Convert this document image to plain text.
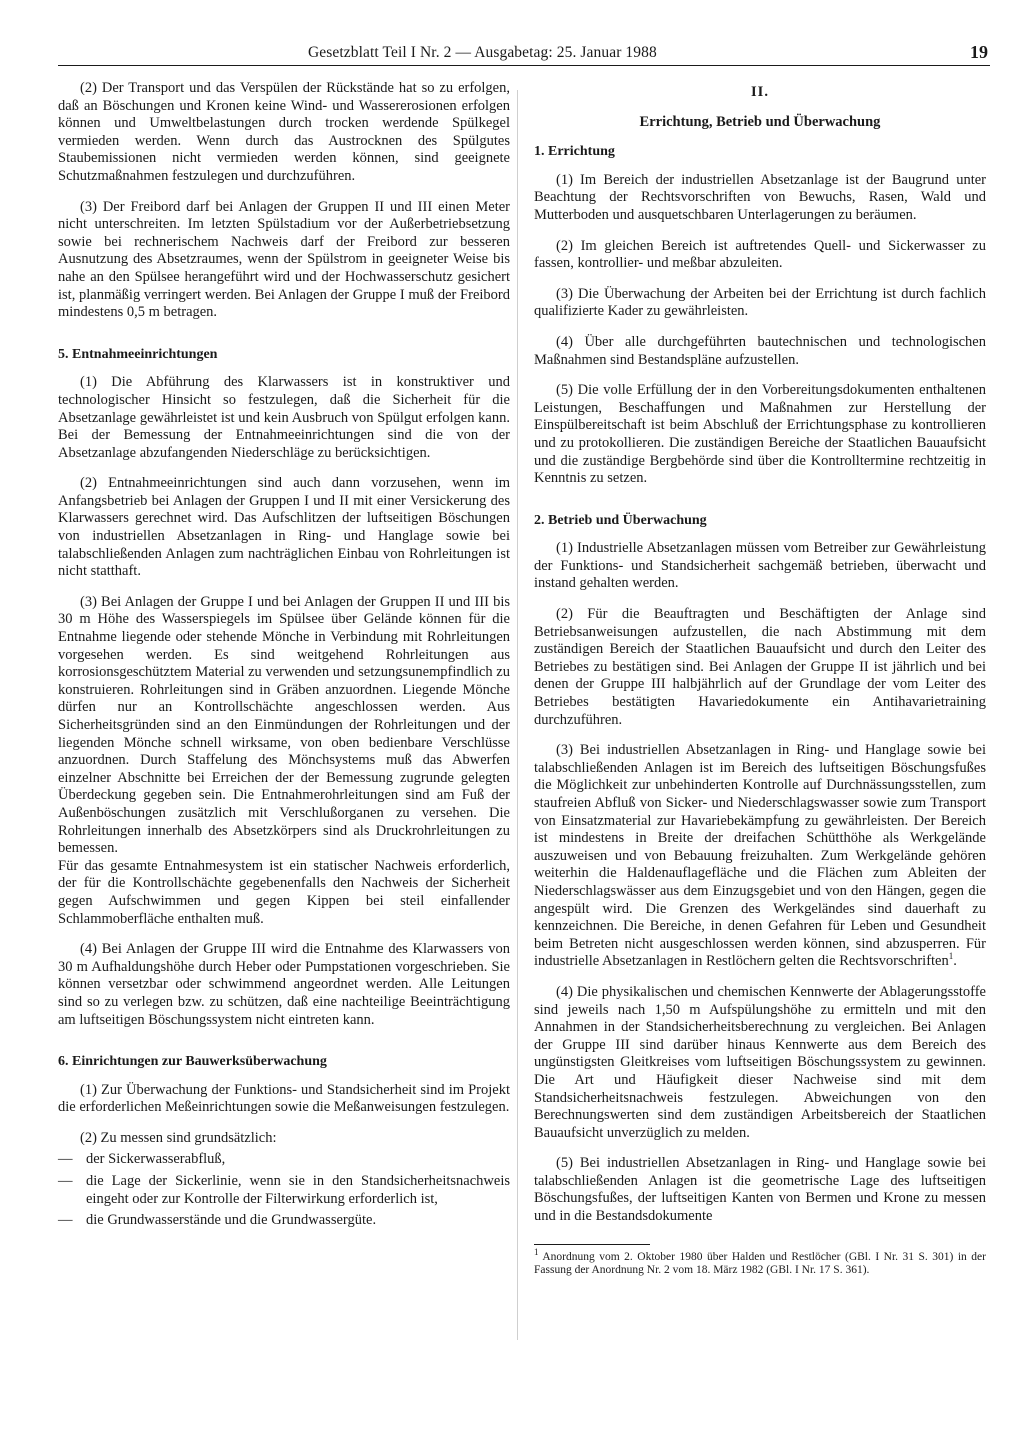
Gesetzblatt Teil I Nr. 2 — Ausgabetag: 25. Januar 1988	19

(2) Der Transport und das Verspülen der Rückstände hat so zu erfolgen, daß an Böschungen und Kronen keine Wind- und Wassererosionen erfolgen können und Umweltbelastungen durch trocken werdende Spülkegel vermieden werden. Wenn durch das Austrocknen des Spülgutes Staubemissionen nicht vermieden werden können, sind geeignete Schutzmaßnahmen festzulegen und durchzuführen.

(3) Der Freibord darf bei Anlagen der Gruppen II und III einen Meter nicht unterschreiten. Im letzten Spülstadium vor der Außerbetriebsetzung sowie bei rechnerischem Nachweis darf der Freibord zur besseren Ausnutzung des Absetzraumes, wenn der Spülstrom in geeigneter Weise bis nahe an den Spülsee herangeführt wird und der Hochwasserschutz gesichert ist, planmäßig verringert werden. Bei Anlagen der Gruppe I muß der Freibord mindestens 0,5 m betragen.

5. Entnahmeeinrichtungen

(1) Die Abführung des Klarwassers ist in konstruktiver und technologischer Hinsicht so festzulegen, daß die Sicherheit für die Absetzanlage gewährleistet ist und kein Ausbruch von Spülgut erfolgen kann. Bei der Bemessung der Entnahmeeinrichtungen sind die von der Absetzanlage abzufangenden Niederschläge zu berücksichtigen.

(2) Entnahmeeinrichtungen sind auch dann vorzusehen, wenn im Anfangsbetrieb bei Anlagen der Gruppen I und II mit einer Versickerung des Klarwassers gerechnet wird. Das Aufschlitzen der luftseitigen Böschungen von industriellen Absetzanlagen in Ring- und Hanglage sowie bei talabschließenden Anlagen zum nachträglichen Einbau von Rohrleitungen ist nicht statthaft.

(3) Bei Anlagen der Gruppe I und bei Anlagen der Gruppen II und III bis 30 m Höhe des Wasserspiegels im Spülsee über Gelände können für die Entnahme liegende oder stehende Mönche in Verbindung mit Rohrleitungen vorgesehen werden. Es sind weitgehend Rohrleitungen aus korrosionsgeschütztem Material zu verwenden und setzungsunempfindlich zu konstruieren. Rohrleitungen sind in Gräben anzuordnen. Liegende Mönche dürfen nur an Kontrollschächte angeschlossen werden. Aus Sicherheitsgründen sind an den Einmündungen der Rohrleitungen und der liegenden Mönche schnell wirksame, von oben bedienbare Verschlüsse anzuordnen. Durch Staffelung des Mönchsystems muß das Abwerfen einzelner Abschnitte bei Erreichen der der Bemessung zugrunde gelegten Überdeckung gegeben sein. Die Entnahmerohrleitungen sind am Fuß der Außenböschungen zusätzlich mit Verschlußorganen zu versehen. Die Rohrleitungen innerhalb des Absetzkörpers sind als Druckrohrleitungen zu bemessen.

Für das gesamte Entnahmesystem ist ein statischer Nachweis erforderlich, der für die Kontrollschächte gegebenenfalls den Nachweis der Sicherheit gegen Aufschwimmen und gegen Kippen bei steil einfallender Schlammoberfläche enthalten muß.

(4) Bei Anlagen der Gruppe III wird die Entnahme des Klarwassers von 30 m Aufhaldungshöhe durch Heber oder Pumpstationen vorgeschrieben. Sie können versetzbar oder schwimmend angeordnet werden. Alle Leitungen sind so zu verlegen bzw. zu schützen, daß eine nachteilige Beeinträchtigung am luftseitigen Böschungssystem nicht eintreten kann.

6. Einrichtungen zur Bauwerksüberwachung

(1) Zur Überwachung der Funktions- und Standsicherheit sind im Projekt die erforderlichen Meßeinrichtungen sowie die Meßanweisungen festzulegen.

(2) Zu messen sind grundsätzlich:

— der Sickerwasserabfluß,
— die Lage der Sickerlinie, wenn sie in den Standsicherheitsnachweis eingeht oder zur Kontrolle der Filterwirkung erforderlich ist,
— die Grundwasserstände und die Grundwassergüte.
II.
Errichtung, Betrieb und Überwachung
1. Errichtung

(1) Im Bereich der industriellen Absetzanlage ist der Baugrund unter Beachtung der Rechtsvorschriften von Bewuchs, Rasen, Wald und Mutterboden und ausquetschbaren Unterlagerungen zu beräumen.

(2) Im gleichen Bereich ist auftretendes Quell- und Sickerwasser zu fassen, kontrollier- und meßbar abzuleiten.

(3) Die Überwachung der Arbeiten bei der Errichtung ist durch fachlich qualifizierte Kader zu gewährleisten.

(4) Über alle durchgeführten bautechnischen und technologischen Maßnahmen sind Bestandspläne aufzustellen.

(5) Die volle Erfüllung der in den Vorbereitungsdokumenten enthaltenen Leistungen, Beschaffungen und Maßnahmen zur Herstellung der Einspülbereitschaft ist beim Abschluß der Errichtungsphase zu kontrollieren und zu protokollieren. Die zuständigen Bereiche der Staatlichen Bauaufsicht und die zuständige Bergbehörde sind über die Kontrolltermine rechtzeitig in Kenntnis zu setzen.

2. Betrieb und Überwachung

(1) Industrielle Absetzanlagen müssen vom Betreiber zur Gewährleistung der Funktions- und Standsicherheit sachgemäß betrieben, überwacht und instand gehalten werden.

(2) Für die Beauftragten und Beschäftigten der Anlage sind Betriebsanweisungen aufzustellen, die nach Abstimmung mit dem zuständigen Bereich der Staatlichen Bauaufsicht und durch den Leiter des Betriebes zu bestätigen sind. Bei Anlagen der Gruppe II ist jährlich und bei denen der Gruppe III halbjährlich auf der Grundlage der vom Leiter des Betriebes bestätigten Havariedokumente ein Antihavarietraining durchzuführen.

(3) Bei industriellen Absetzanlagen in Ring- und Hanglage sowie bei talabschließenden Anlagen ist im Bereich des luftseitigen Böschungsfußes die Möglichkeit zur unbehinderten Kontrolle auf Durchnässungsstellen, zum staufreien Abfluß von Sicker- und Niederschlagswasser sowie zum Transport von Einsatzmaterial zur Havariebekämpfung zu gewährleisten. Der Bereich ist mindestens in Breite der dreifachen Schütthöhe als Werkgelände auszuweisen und von Bebauung freizuhalten. Zum Werkgelände gehören weiterhin die Haldenauflagefläche und die Flächen zum Ableiten der Niederschlagswässer aus dem Einzugsgebiet und von den Hängen, gegen die angespült wird. Die Grenzen des Werkgeländes sind dauerhaft zu kennzeichnen. Die Bereiche, in denen Gefahren für Leben und Gesundheit beim Betreten nicht ausgeschlossen werden können, sind abzusperren. Für industrielle Absetzanlagen in Restlöchern gelten die Rechtsvorschriften$^1$.

(4) Die physikalischen und chemischen Kennwerte der Ablagerungsstoffe sind jeweils nach 1,50 m Aufspülungshöhe zu ermitteln und mit den Annahmen in der Standsicherheitsberechnung zu vergleichen. Bei Anlagen der Gruppe III sind darüber hinaus Kennwerte aus dem Bereich des ungünstigsten Gleitkreises vom luftseitigen Böschungssystem zu gewinnen. Die Art und Häufigkeit dieser Nachweise sind mit dem Standsicherheitsnachweis festzulegen. Abweichungen von den Berechnungswerten sind dem zuständigen Arbeitsbereich der Staatlichen Bauaufsicht unverzüglich zu melden.

(5) Bei industriellen Absetzanlagen in Ring- und Hanglage sowie bei talabschließenden Anlagen ist die geometrische Lage des luftseitigen Böschungsfußes, der luftseitigen Kanten von Bermen und Krone zu messen und in die Bestandsdokumente

$^1$ Anordnung vom 2. Oktober 1980 über Halden und Restlöcher (GBl. I Nr. 31 S. 301) in der Fassung der Anordnung Nr. 2 vom 18. März 1982 (GBl. I Nr. 17 S. 361).
